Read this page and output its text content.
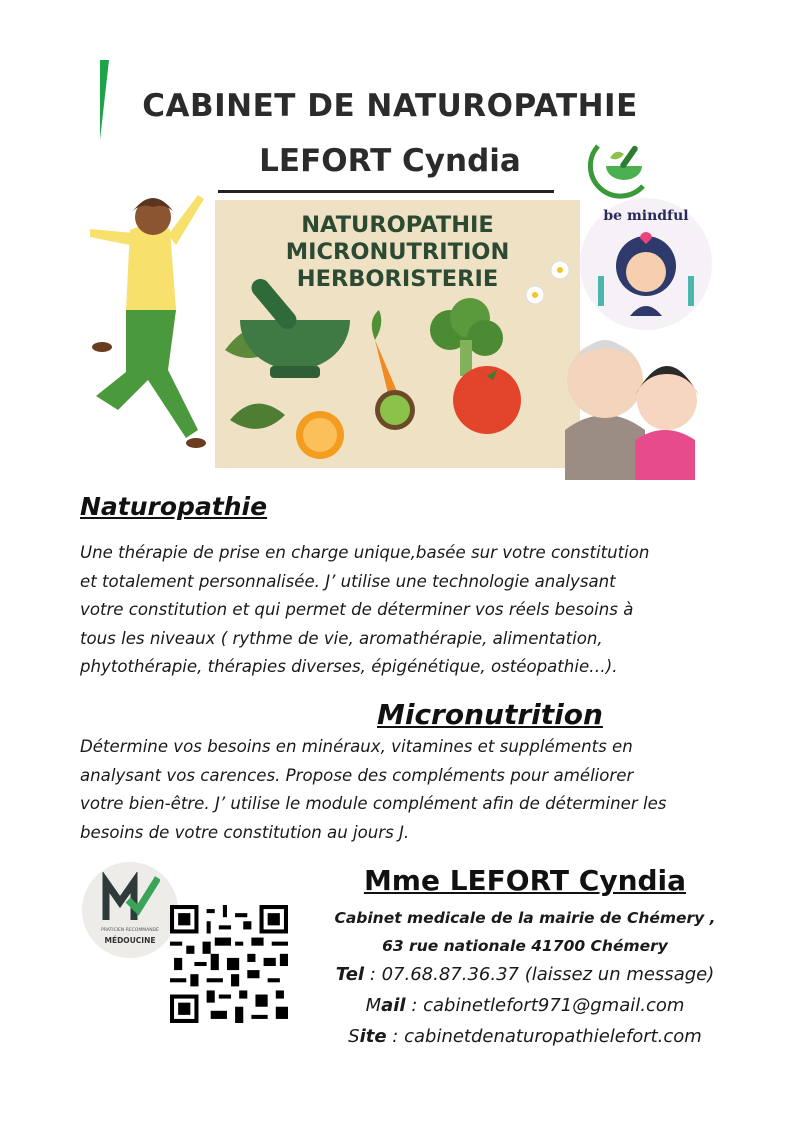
CABINET DE NATUROPATHIE
LEFORT Cyndia
NATUROPATHIE
MICRONUTRITION
HERBORISTERIE
be mindful
Naturopathie
Une thérapie de prise en charge unique,basée sur votre constitution
et totalement personnalisée. J’ utilise une technologie analysant
votre constitution et qui permet de déterminer vos réels besoins à
tous les niveaux ( rythme de vie, aromathérapie, alimentation,
phytothérapie, thérapies diverses, épigénétique, ostéopathie…).
Micronutrition
Détermine vos besoins en minéraux, vitamines et suppléments en
analysant vos carences. Propose des compléments pour améliorer
votre bien-être. J’ utilise le module complément afin de déterminer les
besoins de votre constitution au jours J.
PRATICIEN RECOMMANDÉ
MÉDOUCINE
Mme LEFORT Cyndia
Cabinet medicale de la mairie de Chémery ,
63 rue nationale 41700 Chémery
Tel : 07.68.87.36.37 (laissez un message)
Mail : cabinetlefort971@gmail.com
Site : cabinetdenaturopathielefort.com
